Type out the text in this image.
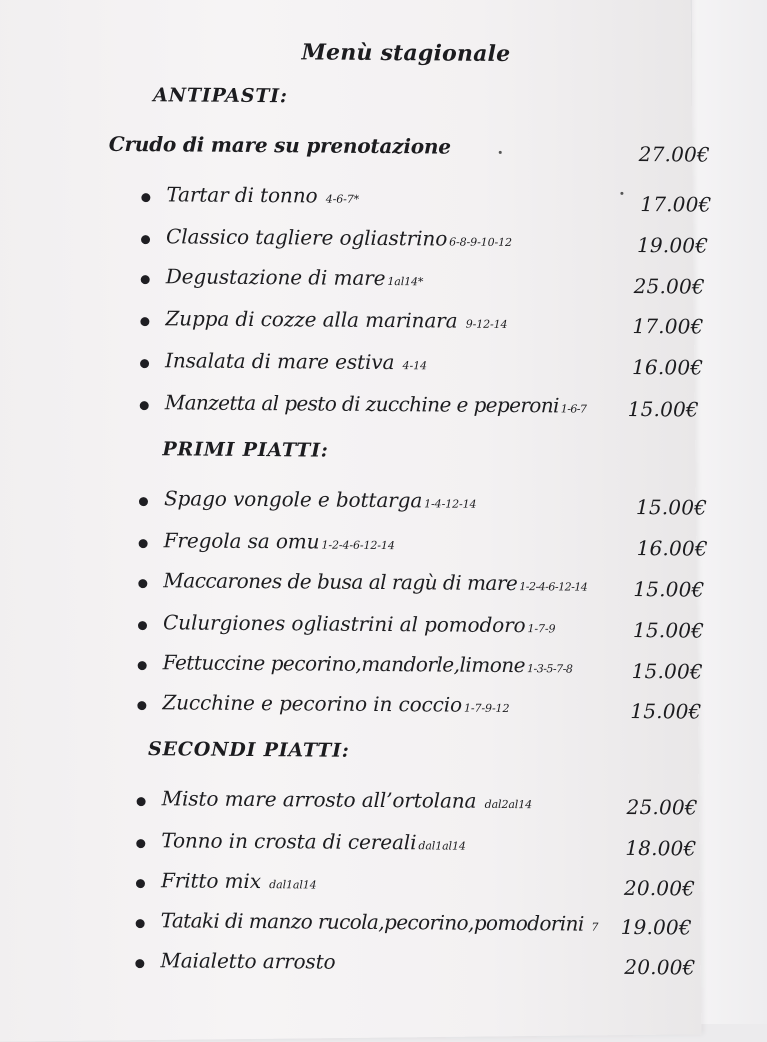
Menù stagionale
ANTIPASTI:
Crudo di mare su prenotazione	27.00€
Tartar di tonno 4-6-7*	17.00€
Classico tagliere ogliastrino 6-8-9-10-12	19.00€
Degustazione di mare 1al14*	25.00€
Zuppa di cozze alla marinara 9-12-14	17.00€
Insalata di mare estiva 4-14	16.00€
Manzetta al pesto di zucchine e peperoni 1-6-7 15.00€
PRIMI PIATTI:
Spago vongole e bottarga 1-4-12-14	15.00€
Fregola sa omu 1-2-4-6-12-14	16.00€
Maccarones de busa al ragù di mare 1-2-4-6-12-14 15.00€
Culurgiones ogliastrini al pomodoro 1-7-9	15.00€
Fettuccine pecorino,mandorle,limone 1-3-5-7-8	15.00€
Zucchine e pecorino in coccio 1-7-9-12	15.00€
SECONDI PIATTI:
Misto mare arrosto all’ortolana dal2al14	25.00€
Tonno in crosta di cereali dal1al14	18.00€
Fritto mix dal1al14	20.00€
Tataki di manzo rucola,pecorino,pomodorini 7 19.00€
Maialetto arrosto	20.00€
